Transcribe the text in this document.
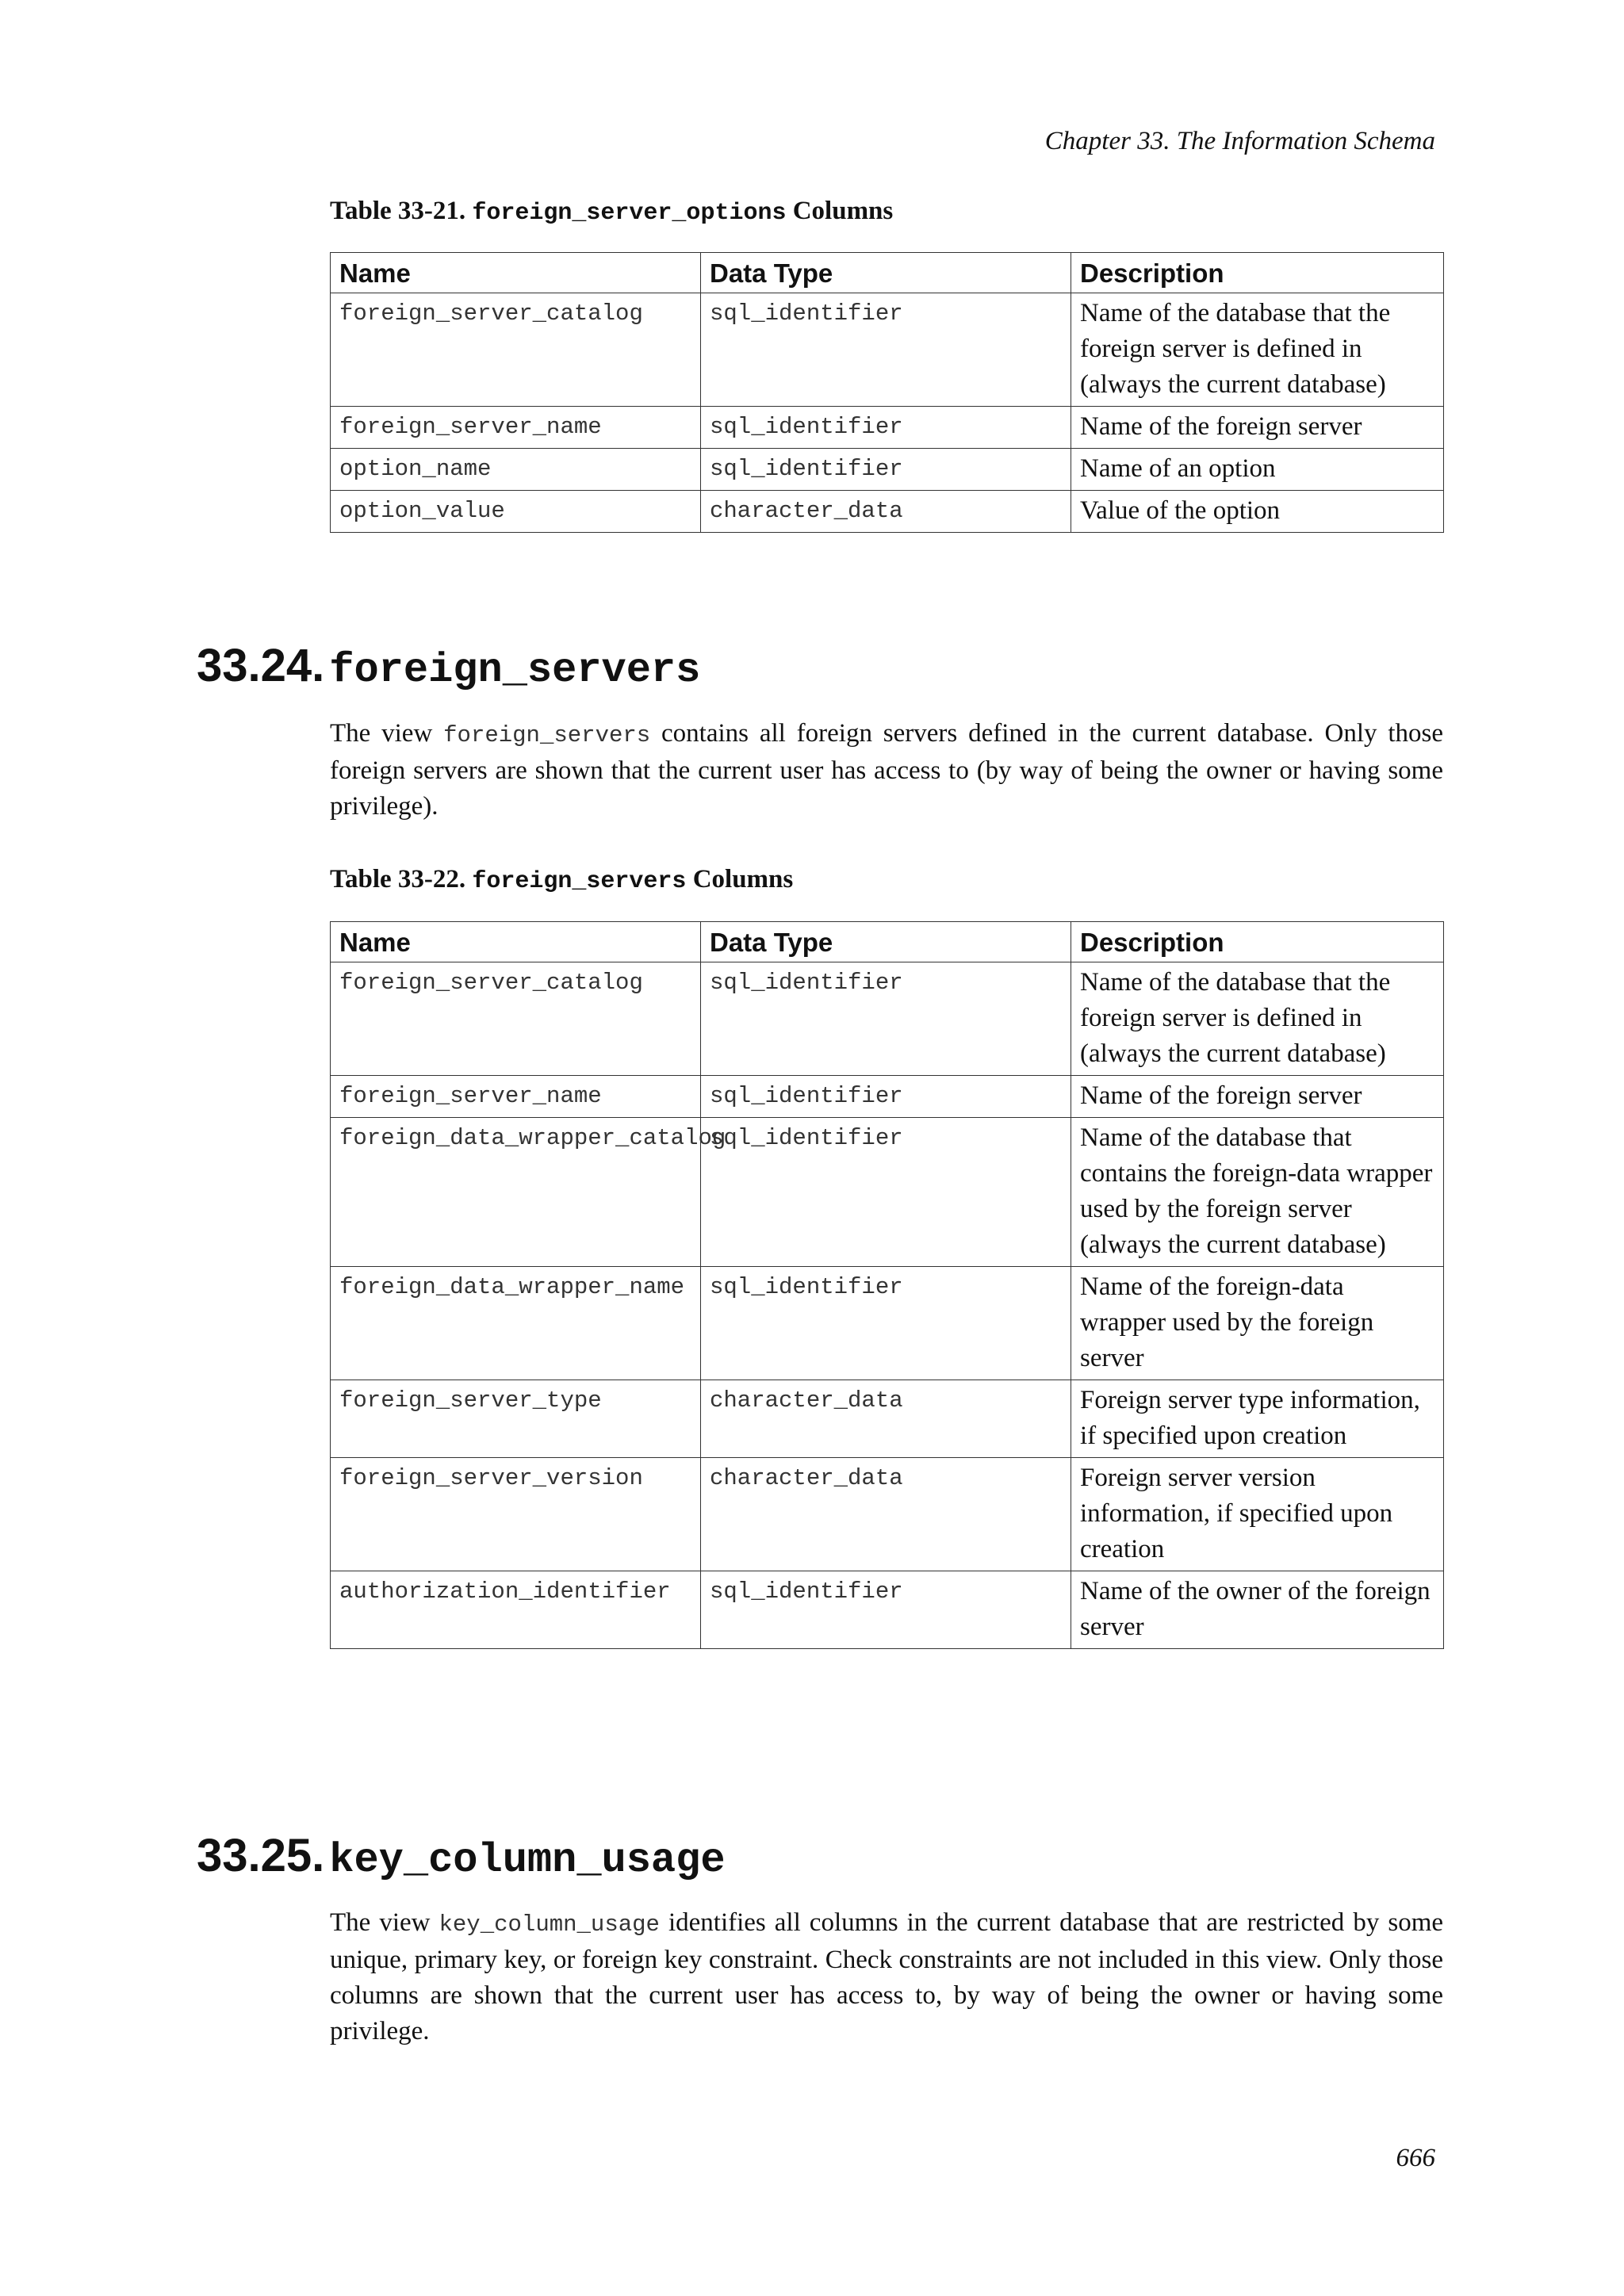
Chapter 33. The Information Schema
Table 33-21. foreign_server_options Columns
Name	Data Type	Description
foreign_server_catalog	sql_identifier	Name of the database that the foreign server is defined in (always the current database)
foreign_server_name	sql_identifier	Name of the foreign server
option_name	sql_identifier	Name of an option
option_value	character_data	Value of the option
33.24. foreign_servers

The view foreign_servers contains all foreign servers defined in the current database. Only those foreign servers are shown that the current user has access to (by way of being the owner or having some privilege).

Table 33-22. foreign_servers Columns
Name	Data Type	Description
foreign_server_catalog	sql_identifier	Name of the database that the foreign server is defined in (always the current database)
foreign_server_name	sql_identifier	Name of the foreign server
foreign_data_wrapper_catalog	sql_identifier	Name of the database that contains the foreign-data wrapper used by the foreign server (always the current database)
foreign_data_wrapper_name	sql_identifier	Name of the foreign-data wrapper used by the foreign server
foreign_server_type	character_data	Foreign server type information, if specified upon creation
foreign_server_version	character_data	Foreign server version information, if specified upon creation
authorization_identifier	sql_identifier	Name of the owner of the foreign server
33.25. key_column_usage

The view key_column_usage identifies all columns in the current database that are restricted by some unique, primary key, or foreign key constraint. Check constraints are not included in this view. Only those columns are shown that the current user has access to, by way of being the owner or having some privilege.

666
